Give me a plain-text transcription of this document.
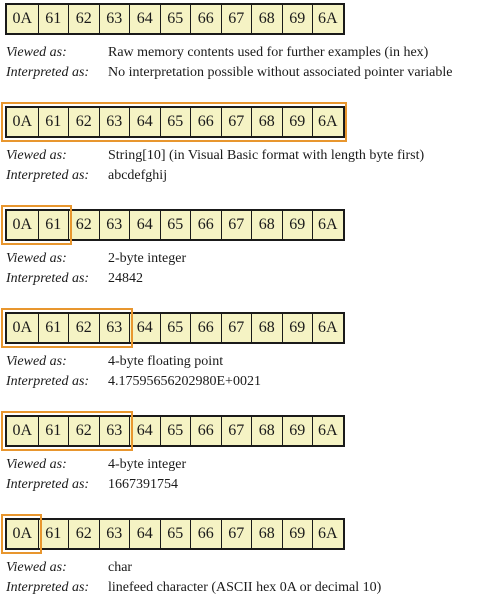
0A 61 62 63 64 65 66 67 68 69 6A
Viewed as:	Raw memory contents used for further examples (in hex)
Interpreted as: No interpretation possible without associated pointer variable
0A 61 62 63 64 65 66 67 68 69 6A
Viewed as:	String[10] (in Visual Basic format with length byte first)
Interpreted as: abcdefghij
0A 61 62 63 64 65 66 67 68 69 6A
Viewed as:	2-byte integer
Interpreted as: 24842
0A 61 62 63 64 65 66 67 68 69 6A
Viewed as:	4-byte floating point
Interpreted as: 4.17595656202980E+0021
0A 61 62 63 64 65 66 67 68 69 6A
Viewed as:	4-byte integer
Interpreted as: 1667391754
0A 61 62 63 64 65 66 67 68 69 6A
Viewed as:	char
Interpreted as: linefeed character (ASCII hex 0A or decimal 10)
